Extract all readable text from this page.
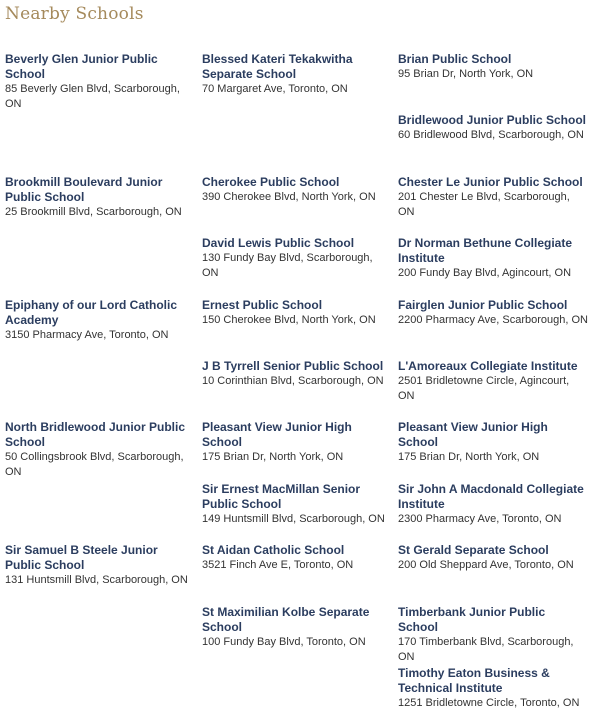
Nearby Schools
Beverly Glen Junior Public School
85 Beverly Glen Blvd, Scarborough, ON
Blessed Kateri Tekakwitha Separate School
70 Margaret Ave, Toronto, ON
Brian Public School
95 Brian Dr, North York, ON
Bridlewood Junior Public School
60 Bridlewood Blvd, Scarborough, ON
Brookmill Boulevard Junior Public School
25 Brookmill Blvd, Scarborough, ON
Cherokee Public School
390 Cherokee Blvd, North York, ON
Chester Le Junior Public School
201 Chester Le Blvd, Scarborough, ON
David Lewis Public School
130 Fundy Bay Blvd, Scarborough, ON
Dr Norman Bethune Collegiate Institute
200 Fundy Bay Blvd, Agincourt, ON
Epiphany of our Lord Catholic Academy
3150 Pharmacy Ave, Toronto, ON
Ernest Public School
150 Cherokee Blvd, North York, ON
Fairglen Junior Public School
2200 Pharmacy Ave, Scarborough, ON
J B Tyrrell Senior Public School
10 Corinthian Blvd, Scarborough, ON
L'Amoreaux Collegiate Institute
2501 Bridletowne Circle, Agincourt, ON
North Bridlewood Junior Public School
50 Collingsbrook Blvd, Scarborough, ON
Pleasant View Junior High School
175 Brian Dr, North York, ON
Pleasant View Junior High School
175 Brian Dr, North York, ON
Sir Ernest MacMillan Senior Public School
149 Huntsmill Blvd, Scarborough, ON
Sir John A Macdonald Collegiate Institute
2300 Pharmacy Ave, Toronto, ON
Sir Samuel B Steele Junior Public School
131 Huntsmill Blvd, Scarborough, ON
St Aidan Catholic School
3521 Finch Ave E, Toronto, ON
St Gerald Separate School
200 Old Sheppard Ave, Toronto, ON
St Maximilian Kolbe Separate School
100 Fundy Bay Blvd, Toronto, ON
Timberbank Junior Public School
170 Timberbank Blvd, Scarborough, ON
Timothy Eaton Business & Technical Institute
1251 Bridletowne Circle, Toronto, ON
